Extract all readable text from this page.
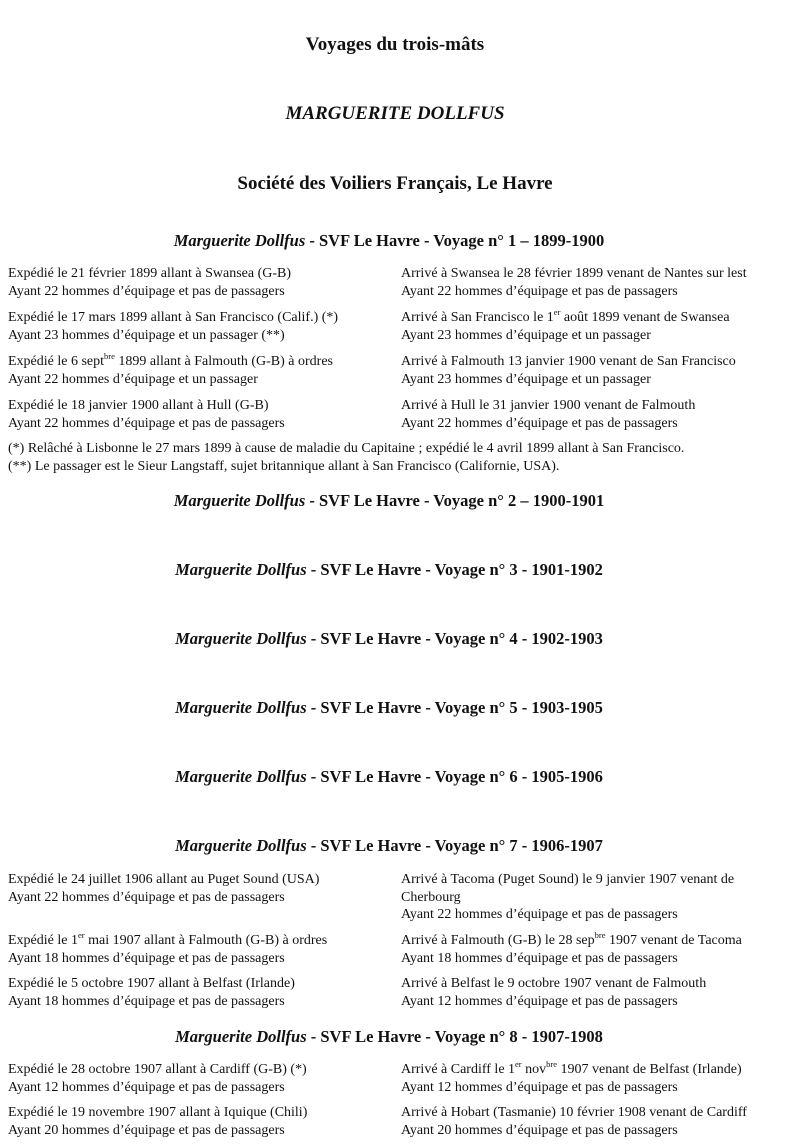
Voyages du trois-mâts
MARGUERITE DOLLFUS
Société des Voiliers Français, Le Havre
Marguerite Dollfus - SVF Le Havre - Voyage n° 1 – 1899-1900
Expédié le 21 février 1899 allant à Swansea (G-B)
Ayant 22 hommes d’équipage et pas de passagers
Arrivé à Swansea le 28 février 1899 venant de Nantes sur lest
Ayant 22 hommes d’équipage et pas de passagers
Expédié le 17 mars 1899 allant à San Francisco (Calif.) (*)
Ayant 23 hommes d’équipage et un passager (**)
Arrivé à San Francisco le 1er août 1899 venant de Swansea
Ayant 23 hommes d’équipage et un passager
Expédié le 6 sept$^{bre}$ 1899 allant à Falmouth (G-B) à ordres
Ayant 22 hommes d’équipage et un passager
Arrivé à Falmouth 13 janvier 1900 venant de San Francisco
Ayant 23 hommes d’équipage et un passager
Expédié le 18 janvier 1900 allant à Hull (G-B)
Ayant 22 hommes d’équipage et pas de passagers
Arrivé à Hull le 31 janvier 1900 venant de Falmouth
Ayant 22 hommes d’équipage et pas de passagers
(*) Relâché à Lisbonne le 27 mars 1899 à cause de maladie du Capitaine ; expédié le 4 avril 1899 allant à San Francisco.
(**) Le passager est le Sieur Langstaff, sujet britannique allant à San Francisco (Californie, USA).
Marguerite Dollfus - SVF Le Havre - Voyage n° 2 – 1900-1901
Marguerite Dollfus - SVF Le Havre - Voyage n° 3 - 1901-1902
Marguerite Dollfus - SVF Le Havre - Voyage n° 4 - 1902-1903
Marguerite Dollfus - SVF Le Havre - Voyage n° 5 - 1903-1905
Marguerite Dollfus - SVF Le Havre - Voyage n° 6 - 1905-1906
Marguerite Dollfus - SVF Le Havre - Voyage n° 7 - 1906-1907
Expédié le 24 juillet 1906 allant au Puget Sound (USA)
Ayant 22 hommes d’équipage et pas de passagers
Arrivé à Tacoma (Puget Sound) le 9 janvier 1907 venant de
Cherbourg
Ayant 22 hommes d’équipage et pas de passagers
Expédié le 1er mai 1907 allant à Falmouth (G-B) à ordres
Ayant 18 hommes d’équipage et pas de passagers
Arrivé à Falmouth (G-B) le 28 sep$^{bre}$ 1907 venant de Tacoma
Ayant 18 hommes d’équipage et pas de passagers
Expédié le 5 octobre 1907 allant à Belfast (Irlande)
Ayant 18 hommes d’équipage et pas de passagers
Arrivé à Belfast le 9 octobre 1907 venant de Falmouth
Ayant 12 hommes d’équipage et pas de passagers
Marguerite Dollfus - SVF Le Havre - Voyage n° 8 - 1907-1908
Expédié le 28 octobre 1907 allant à Cardiff (G-B) (*)
Ayant 12 hommes d’équipage et pas de passagers
Arrivé à Cardiff le 1er nov$^{bre}$ 1907 venant de Belfast (Irlande)
Ayant 12 hommes d’équipage et pas de passagers
Expédié le 19 novembre 1907 allant à Iquique (Chili)
Ayant 20 hommes d’équipage et pas de passagers
Arrivé à Hobart (Tasmanie) 10 février 1908 venant de Cardiff
Ayant 20 hommes d’équipage et pas de passagers
